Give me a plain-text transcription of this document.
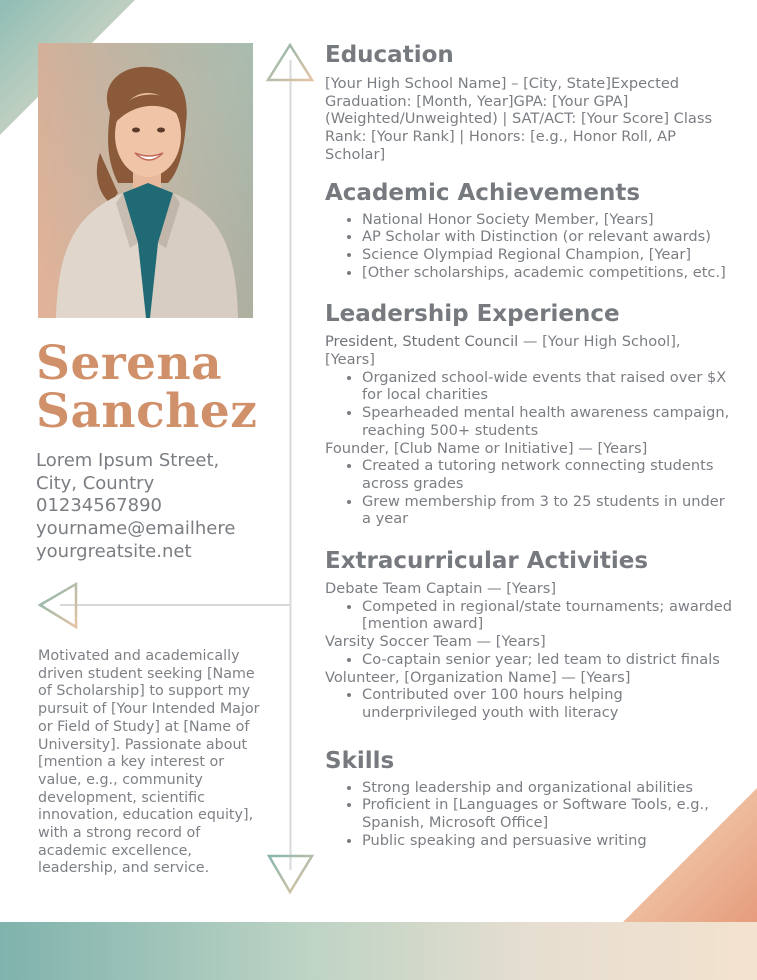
Serena
Sanchez
Lorem Ipsum Street,
City, Country
01234567890
yourname@emailhere
yourgreatsite.net
Motivated and academically driven student seeking [Name of Scholarship] to support my pursuit of [Your Intended Major or Field of Study] at [Name of University]. Passionate about [mention a key interest or value, e.g., community development, scientific innovation, education equity], with a strong record of academic excellence, leadership, and service.
Education

[Your High School Name] – [City, State]Expected Graduation: [Month, Year]GPA: [Your GPA] (Weighted/Unweighted) | SAT/ACT: [Your Score] Class Rank: [Your Rank] | Honors: [e.g., Honor Roll, AP Scholar]

Academic Achievements
• National Honor Society Member, [Years]
• AP Scholar with Distinction (or relevant awards)
• Science Olympiad Regional Champion, [Year]
• [Other scholarships, academic competitions, etc.]
Leadership Experience

President, Student Council — [Your High School], [Years]

• Organized school-wide events that raised over $X for local charities
• Spearheaded mental health awareness campaign, reaching 500+ students

Founder, [Club Name or Initiative] — [Years]

• Created a tutoring network connecting students across grades
• Grew membership from 3 to 25 students in under a year
Extracurricular Activities

Debate Team Captain — [Years]

• Competed in regional/state tournaments; awarded [mention award]

Varsity Soccer Team — [Years]

• Co-captain senior year; led team to district finals

Volunteer, [Organization Name] — [Years]

• Contributed over 100 hours helping underprivileged youth with literacy
Skills
• Strong leadership and organizational abilities
• Proficient in [Languages or Software Tools, e.g., Spanish, Microsoft Office]
• Public speaking and persuasive writing
